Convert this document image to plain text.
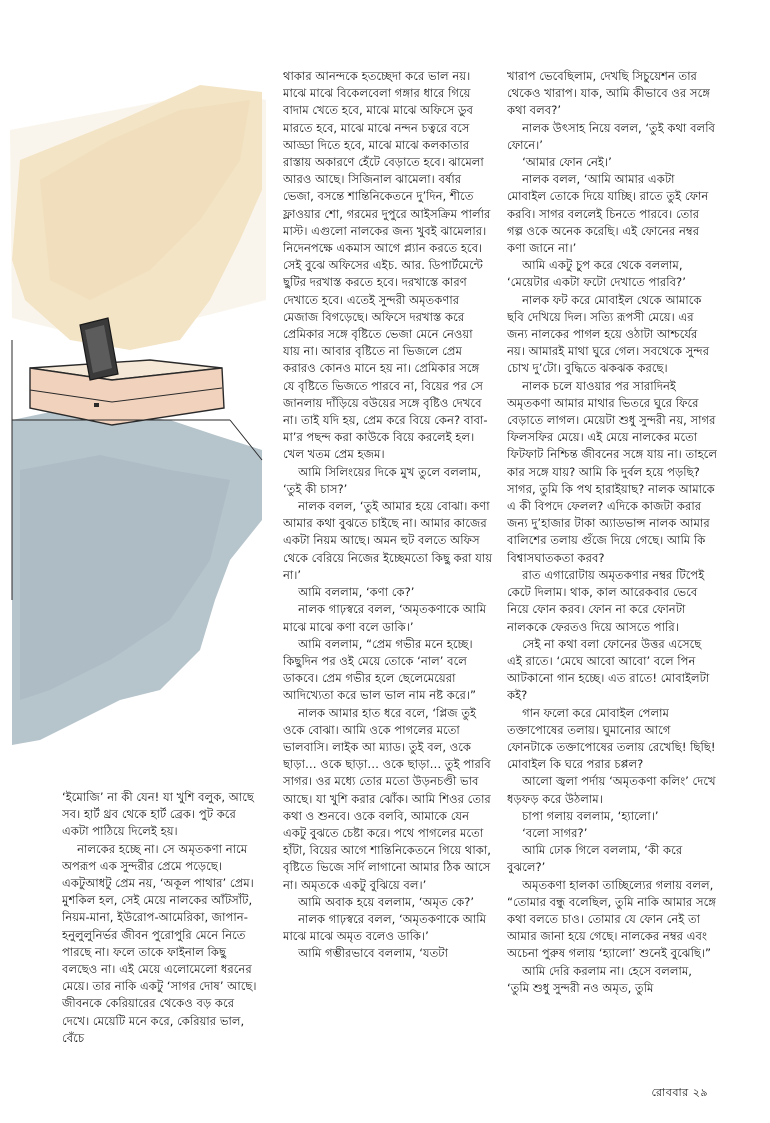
‘ইমোজি’ না কী যেন! যা খুশি বলুক, আছে সব। হার্ট থ্রব থেকে হার্ট ব্রেক। পুট করে একটা পাঠিয়ে দিলেই হয়।

নালকের হচ্ছে না। সে অমৃতকণা নামে অপরূপ এক সুন্দরীর প্রেমে পড়েছে। একটুআধটু প্রেম নয়, ‘অকূল পাথার’ প্রেম। মুশকিল হল, সেই মেয়ে নালকের আঁটসাঁট, নিয়ম-মানা, ইউরোপ-আমেরিকা, জাপান-হনুলুলুনির্ভর জীবন পুরোপুরি মেনে নিতে পারছে না। ফলে তাকে ফাইনাল কিছু বলছেও না। এই মেয়ে এলোমেলো ধরনের মেয়ে। তার নাকি একটু ‘সাগর দোষ’ আছে। জীবনকে কেরিয়ারের থেকেও বড় করে দেখে। মেয়েটি মনে করে, কেরিয়ার ভাল, বেঁচে

থাকার আনন্দকে হতচ্ছেদা করে ভাল নয়। মাঝে মাঝে বিকেলবেলা গঙ্গার ধারে গিয়ে বাদাম খেতে হবে, মাঝে মাঝে অফিসে ডুব মারতে হবে, মাঝে মাঝে নন্দন চত্বরে বসে আড্ডা দিতে হবে, মাঝে মাঝে কলকাতার রাস্তায় অকারণে হেঁটে বেড়াতে হবে। ঝামেলা আরও আছে। সিজিনাল ঝামেলা। বর্ষার ভেজা, বসন্তে শান্তিনিকেতনে দু’দিন, শীতে ফ্লাওয়ার শো, গরমের দুপুরে আইসক্রিম পার্লার মাস্ট। এগুলো নালকের জন্য খুবই ঝামেলার। নিদেনপক্ষে একমাস আগে প্ল্যান করতে হবে। সেই বুঝে অফিসের এইচ. আর. ডিপার্টমেন্টে ছুটির দরখাস্ত করতে হবে। দরখাস্তে কারণ দেখাতে হবে। এতেই সুন্দরী অমৃতকণার মেজাজ বিগড়েছে। অফিসে দরখাস্ত করে প্রেমিকার সঙ্গে বৃষ্টিতে ভেজা মেনে নেওয়া যায় না। আবার বৃষ্টিতে না ভিজলে প্রেম করারও কোনও মানে হয় না। প্রেমিকার সঙ্গে যে বৃষ্টিতে ভিজতে পারবে না, বিয়ের পর সে জানলায় দাঁড়িয়ে বউয়ের সঙ্গে বৃষ্টিও দেখবে না। তাই যদি হয়, প্রেম করে বিয়ে কেন? বাবা-মা’র পছন্দ করা কাউকে বিয়ে করলেই হল। খেল খতম প্রেম হজম।

আমি সিলিংয়ের দিকে মুখ তুলে বললাম, ‘তুই কী চাস?’

নালক বলল, ‘তুই আমার হয়ে বোঝা। কণা আমার কথা বুঝতে চাইছে না। আমার কাজের একটা নিয়ম আছে। অমন হুট বলতে অফিস থেকে বেরিয়ে নিজের ইচ্ছেমতো কিছু করা যায় না।’

আমি বললাম, ‘কণা কে?’

নালক গাঢ়স্বরে বলল, ‘অমৃতকণাকে আমি মাঝে মাঝে কণা বলে ডাকি।’

আমি বললাম, “প্রেম গভীর মনে হচ্ছে। কিছুদিন পর ওই মেয়ে তোকে ‘নাল’ বলে ডাকবে। প্রেম গভীর হলে ছেলেমেয়েরা আদিখ্যেতা করে ভাল ভাল নাম নষ্ট করে।”

নালক আমার হাত ধরে বলে, ‘প্লিজ তুই ওকে বোঝা। আমি ওকে পাগলের মতো ভালবাসি। লাইক আ ম্যাড। তুই বল, ওকে ছাড়া… ওকে ছাড়া… ওকে ছাড়া… তুই পারবি সাগর। ওর মধ্যে তোর মতো উড়নচণ্ডী ভাব আছে। যা খুশি করার ঝোঁক। আমি শিওর তোর কথা ও শুনবে। ওকে বলবি, আমাকে যেন একটু বুঝতে চেষ্টা করে। পথে পাগলের মতো হাঁটা, বিয়ের আগে শান্তিনিকেতনে গিয়ে থাকা, বৃষ্টিতে ভিজে সর্দি লাগানো আমার ঠিক আসে না। অমৃতকে একটু বুঝিয়ে বল।’

আমি অবাক হয়ে বললাম, ‘অমৃত কে?’

নালক গাঢ়স্বরে বলল, ‘অমৃতকণাকে আমি মাঝে মাঝে অমৃত বলেও ডাকি।’

আমি গম্ভীরভাবে বললাম, ‘যতটা

খারাপ ভেবেছিলাম, দেখছি সিচুয়েশন তার থেকেও খারাপ। যাক, আমি কীভাবে ওর সঙ্গে কথা বলব?’

নালক উৎসাহ নিয়ে বলল, ‘তুই কথা বলবি ফোনে।’

‘আমার ফোন নেই।’

নালক বলল, ‘আমি আমার একটা মোবাইল তোকে দিয়ে যাচ্ছি। রাতে তুই ফোন করবি। সাগর বললেই চিনতে পারবে। তোর গল্প ওকে অনেক করেছি। এই ফোনের নম্বর কণা জানে না।’

আমি একটু চুপ করে থেকে বললাম, ‘মেয়েটার একটা ফটো দেখাতে পারবি?’

নালক ফট করে মোবাইল থেকে আমাকে ছবি দেখিয়ে দিল। সত্যি রূপসী মেয়ে। এর জন্য নালকের পাগল হয়ে ওঠাটা আশ্চর্যের নয়। আমারই মাথা ঘুরে গেল। সবথেকে সুন্দর চোখ দু’টো। বুদ্ধিতে ঝকঝক করছে।

নালক চলে যাওয়ার পর সারাদিনই অমৃতকণা আমার মাথার ভিতরে ঘুরে ফিরে বেড়াতে লাগল। মেয়েটা শুধু সুন্দরী নয়, সাগর ফিলসফির মেয়ে। এই মেয়ে নালকের মতো ফিটফাট নিশ্চিন্ত জীবনের সঙ্গে যায় না। তাহলে কার সঙ্গে যায়? আমি কি দুর্বল হয়ে পড়ছি? সাগর, তুমি কি পথ হারাইয়াছ? নালক আমাকে এ কী বিপদে ফেলল? এদিকে কাজটা করার জন্য দু’হাজার টাকা অ্যাডভান্স নালক আমার বালিশের তলায় গুঁজে দিয়ে গেছে। আমি কি বিশ্বাসঘাতকতা করব?

রাত এগারোটায় অমৃতকণার নম্বর টিপেই কেটে দিলাম। থাক, কাল আরেকবার ভেবে নিয়ে ফোন করব। ফোন না করে ফোনটা নালককে ফেরতও দিয়ে আসতে পারি।

সেই না কথা বলা ফোনের উত্তর এসেছে এই রাতে। ‘মেঘে আবো আবো’ বলে পিন আটকানো গান হচ্ছে। এত রাতে! মোবাইলটা কই?

গান ফলো করে মোবাইল পেলাম তক্তাপোষের তলায়। ঘুমানোর আগে ফোনটাকে তক্তাপোষের তলায় রেখেছি! ছিছি! মোবাইল কি ঘরে পরার চপ্পল?

আলো জ্বলা পর্দায় ‘অমৃতকণা কলিং’ দেখে ধড়ফড় করে উঠলাম।

চাপা গলায় বললাম, ‘হ্যালো।’

‘বলো সাগর?’

আমি ঢোক গিলে বললাম, ‘কী করে বুঝলে?’

অমৃতকণা হালকা তাচ্ছিল্যের গলায় বলল, “তোমার বন্ধু বলেছিল, তুমি নাকি আমার সঙ্গে কথা বলতে চাও। তোমার যে ফোন নেই তা আমার জানা হয়ে গেছে। নালকের নম্বর এবং অচেনা পুরুষ গলায় ‘হ্যালো’ শুনেই বুঝেছি।”

আমি দেরি করলাম না। হেসে বললাম, ‘তুমি শুধু সুন্দরী নও অমৃত, তুমি

রোববার ২৯
